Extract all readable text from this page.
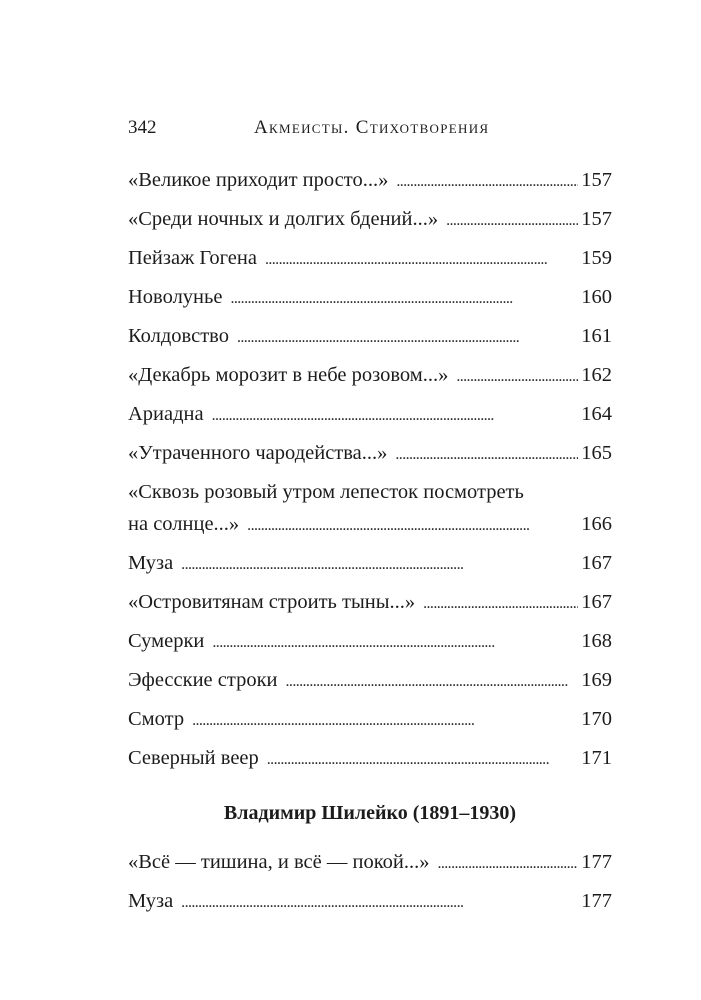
342	Акмеисты. Стихотворения
«Великое приходит просто...» . . .	157
«Среди ночных и долгих бдений...» . . .	157
Пейзаж Гогена . . .	159
Новолунье . . .	160
Колдовство . . .	161
«Декабрь морозит в небе розовом...» . . .	162
Ариадна . . .	164
«Утраченного чародейства...» . . .	165
«Сквозь розовый утром лепесток посмотреть
на солнце...» . . .	166
Муза . . .	167
«Островитянам строить тыны...» . . .	167
Сумерки . . .	168
Эфесские строки . . .	169
Смотр . . .	170
Северный веер . . .	171
Владимир Шилейко (1891–1930)
«Всё — тишина, и всё — покой...» . . .	177
Муза . . .	177
